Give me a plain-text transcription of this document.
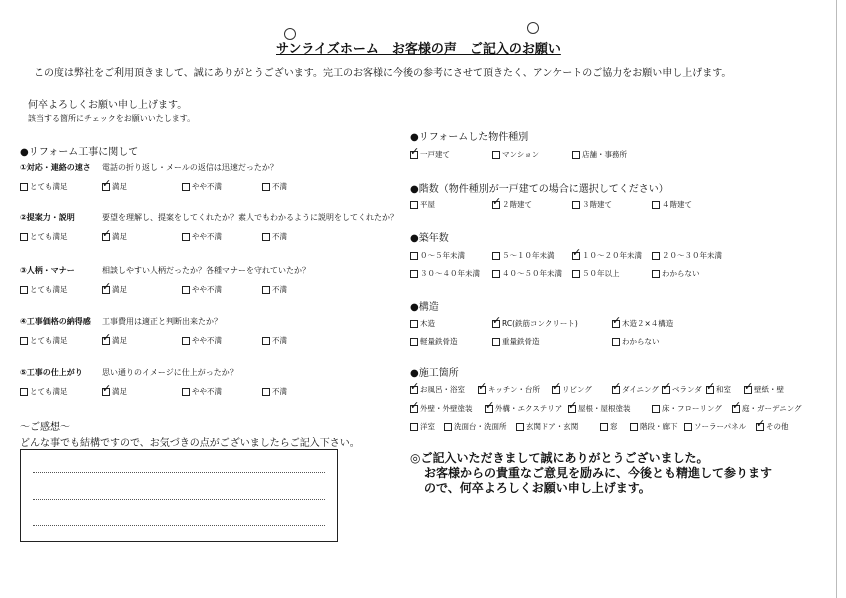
サンライズホーム　お客様の声　ご記入のお願い
この度は弊社をご利用頂きまして、誠にありがとうございます。完工のお客様に今後の参考にさせて頂きたく、アンケートのご協力をお願い申し上げます。
何卒よろしくお願い申し上げます。
該当する箇所にチェックをお願いいたします。
●リフォーム工事に関して
①対応・連絡の速さ 電話の折り返し・メールの返信は迅速だったか？
とても満足 ✓	満足	やや不満	不満
②提案力・説明	要望を理解し、提案をしてくれたか？素人でもわかるように説明をしてくれたか？
とても満足 ✓	満足	やや不満	不満
③人柄・マナー	相談しやすい人柄だったか？各種マナーを守れていたか？
とても満足 ✓	満足	やや不満	不満
④工事価格の納得感 工事費用は適正と判断出来たか？
とても満足 ✓	満足	やや不満	不満
⑤工事の仕上がり 思い通りのイメージに仕上がったか？
とても満足 ✓	満足	やや不満	不満
～ご感想～
どんな事でも結構ですので、お気づきの点がございましたらご記入下さい。
●リフォームした物件種別
✓
一戸建て	マンション	店舗・事務所
●階数（物件種別が一戸建ての場合に選択してください）
平屋 ✓	２階建て	３階建て	４階建て
●築年数
０～５年未満	５～１０年未満 ✓	１０～２０年未満	２０～３０年未満
３０～４０年未満	４０～５０年未満	５０年以上	わからない
●構造
木造 ✓	RC(鉄筋コンクリート) ✓	木造２×４構造
軽量鉄骨造	重量鉄骨造	わからない
●施工箇所
✓
お風呂・浴室 ✓	キッチン・台所 ✓	リビング ✓	ダイニング ✓ ベランダ ✓ 和室 ✓	壁紙・壁
✓
外壁・外壁塗装 ✓	外構・エクステリア ✓ 屋根・屋根塗装	床・フローリング ✓	庭・ガーデニング
洋室	洗面台・洗面所	玄関ドア・玄関	窓	階段・廊下 ソーラーパネル ✓	その他
◎ご記入いただきまして誠にありがとうございました。
お客様からの貴重なご意見を励みに、今後とも精進して参ります
ので、何卒よろしくお願い申し上げます。
